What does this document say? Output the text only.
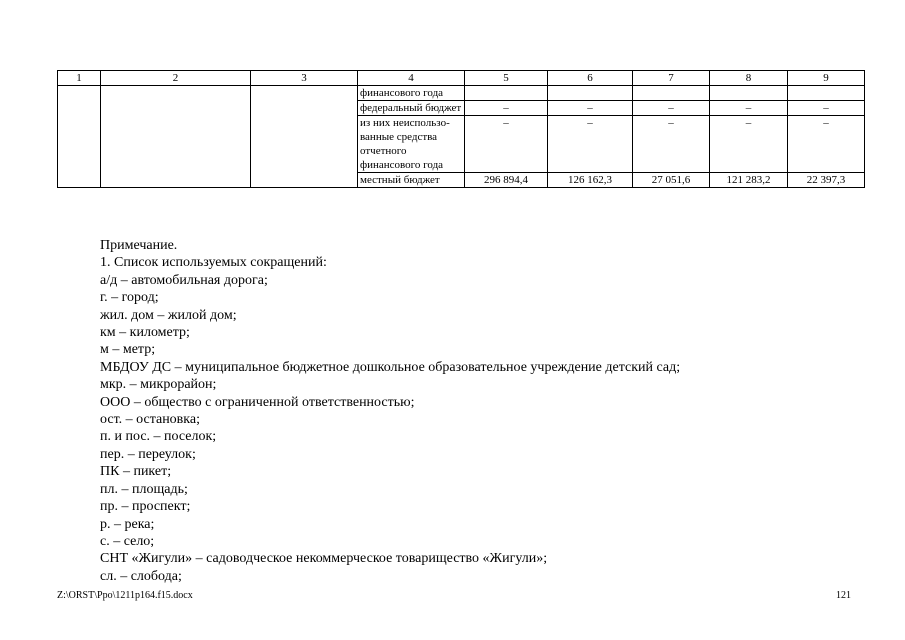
1	2	3	4	5	6	7	8	9
			финансового года					
			федеральный бюджет	–	–	–	–	–
			из них неиспользо-ванные средства отчетного финансового года	–	–	–	–	–
			местный бюджет	296 894,4	126 162,3	27 051,6	121 283,2	22 397,3
Примечание.
1. Список используемых сокращений:
а/д – автомобильная дорога;
г. – город;
жил. дом – жилой дом;
км – километр;
м – метр;
МБДОУ ДС – муниципальное бюджетное дошкольное образовательное учреждение детский сад;
мкр. – микрорайон;
ООО – общество с ограниченной ответственностью;
ост. – остановка;
п. и пос. – поселок;
пер. – переулок;
ПК – пикет;
пл. – площадь;
пр. – проспект;
р. – река;
с. – село;
СНТ «Жигули» – садоводческое некоммерческое товарищество «Жигули»;
сл. – слобода;
Z:\ORST\Ppo\1211p164.f15.docx	121
